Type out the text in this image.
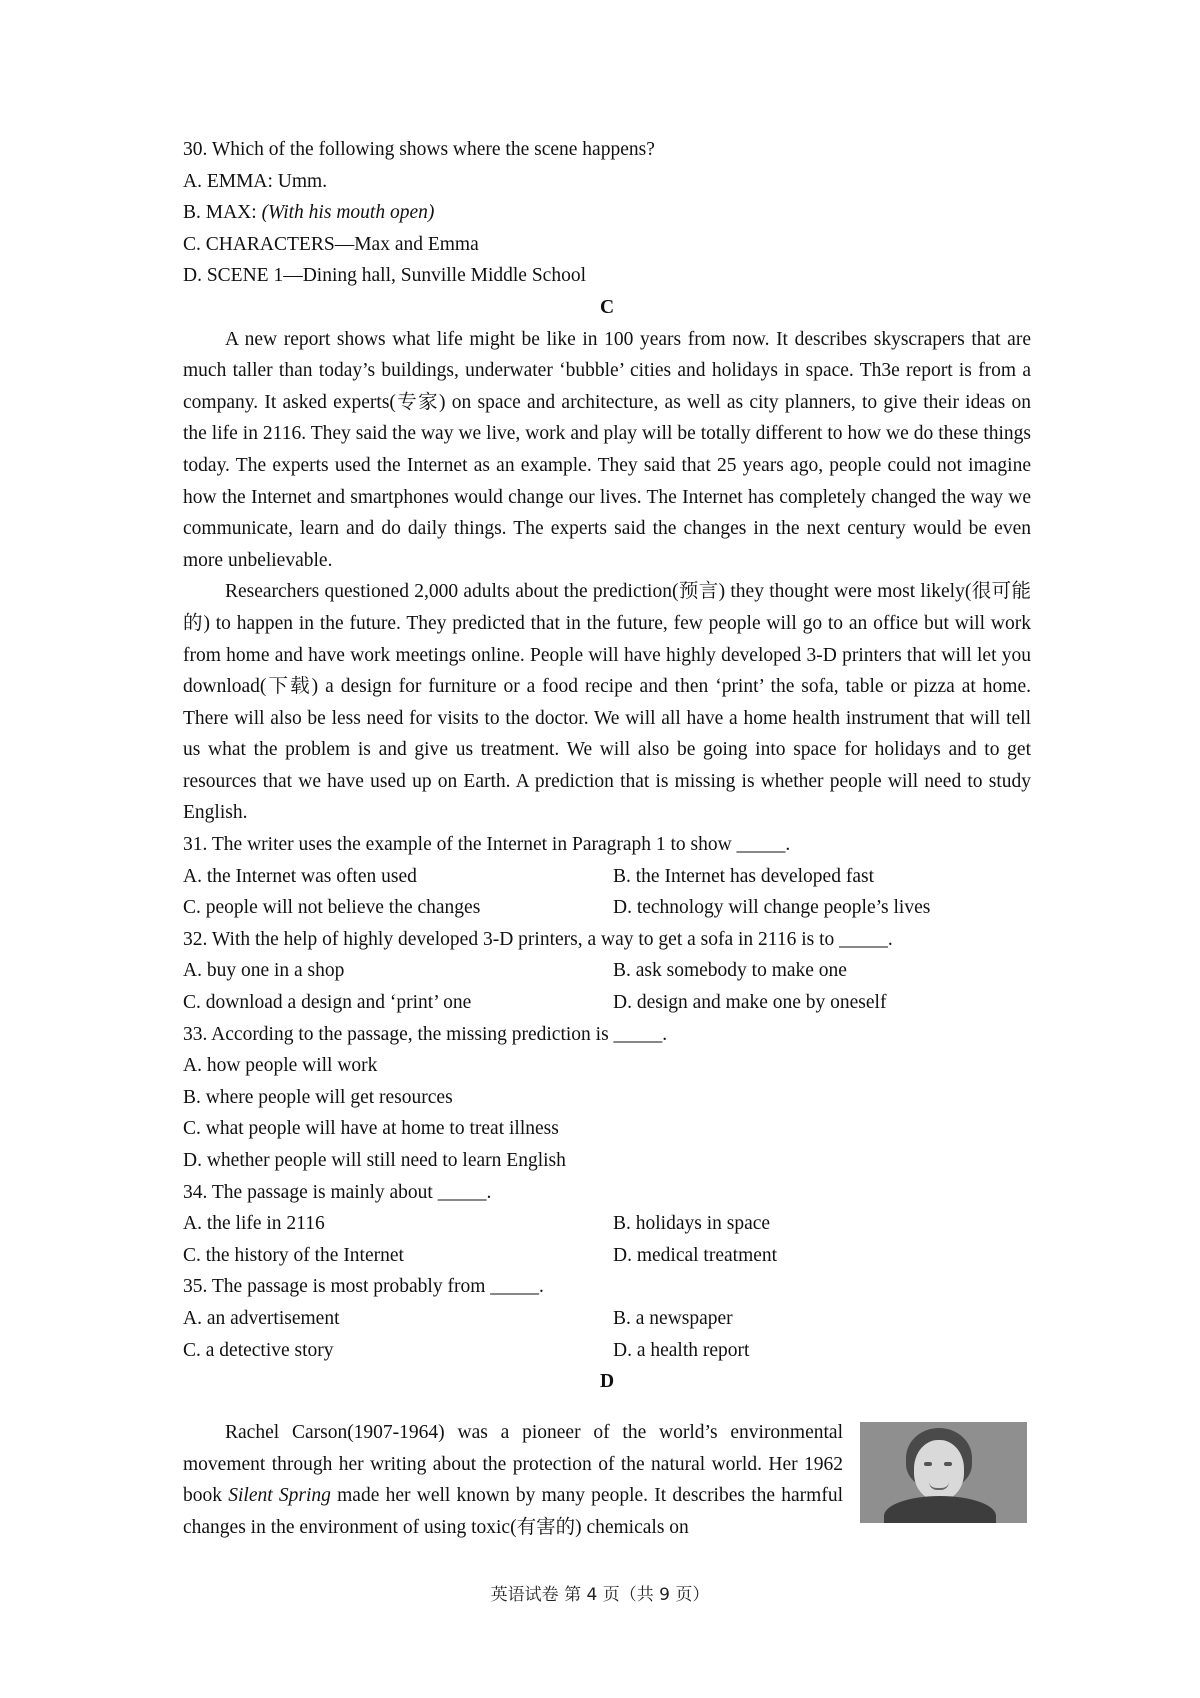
30. Which of the following shows where the scene happens?
A. EMMA: Umm.
B. MAX: (With his mouth open)
C. CHARACTERS—Max and Emma
D. SCENE 1—Dining hall, Sunville Middle School
C

A new report shows what life might be like in 100 years from now. It describes skyscrapers that are much taller than today’s buildings, underwater ‘bubble’ cities and holidays in space. Th3e report is from a company. It asked experts(专家) on space and architecture, as well as city planners, to give their ideas on the life in 2116. They said the way we live, work and play will be totally different to how we do these things today. The experts used the Internet as an example. They said that 25 years ago, people could not imagine how the Internet and smartphones would change our lives. The Internet has completely changed the way we communicate, learn and do daily things. The experts said the changes in the next century would be even more unbelievable.

Researchers questioned 2,000 adults about the prediction(预言) they thought were most likely(很可能的) to happen in the future. They predicted that in the future, few people will go to an office but will work from home and have work meetings online. People will have highly developed 3-D printers that will let you download(下载) a design for furniture or a food recipe and then ‘print’ the sofa, table or pizza at home. There will also be less need for visits to the doctor. We will all have a home health instrument that will tell us what the problem is and give us treatment. We will also be going into space for holidays and to get resources that we have used up on Earth. A prediction that is missing is whether people will need to study English.

31. The writer uses the example of the Internet in Paragraph 1 to show _____.
A. the Internet was often used	B. the Internet has developed fast
C. people will not believe the changes	D. technology will change people’s lives
32. With the help of highly developed 3-D printers, a way to get a sofa in 2116 is to _____.
A. buy one in a shop	B. ask somebody to make one
C. download a design and ‘print’ one	D. design and make one by oneself
33. According to the passage, the missing prediction is _____.
A. how people will work
B. where people will get resources
C. what people will have at home to treat illness
D. whether people will still need to learn English
34. The passage is mainly about _____.
A. the life in 2116	B. holidays in space
C. the history of the Internet	D. medical treatment
35. The passage is most probably from _____.
A. an advertisement	B. a newspaper
C. a detective story	D. a health report
D

Rachel Carson(1907-1964) was a pioneer of the world’s environmental movement through her writing about the protection of the natural world. Her 1962 book Silent Spring made her well known by many people. It describes the harmful changes in the environment of using toxic(有害的) chemicals on

英语试卷 第 4 页（共 9 页）
